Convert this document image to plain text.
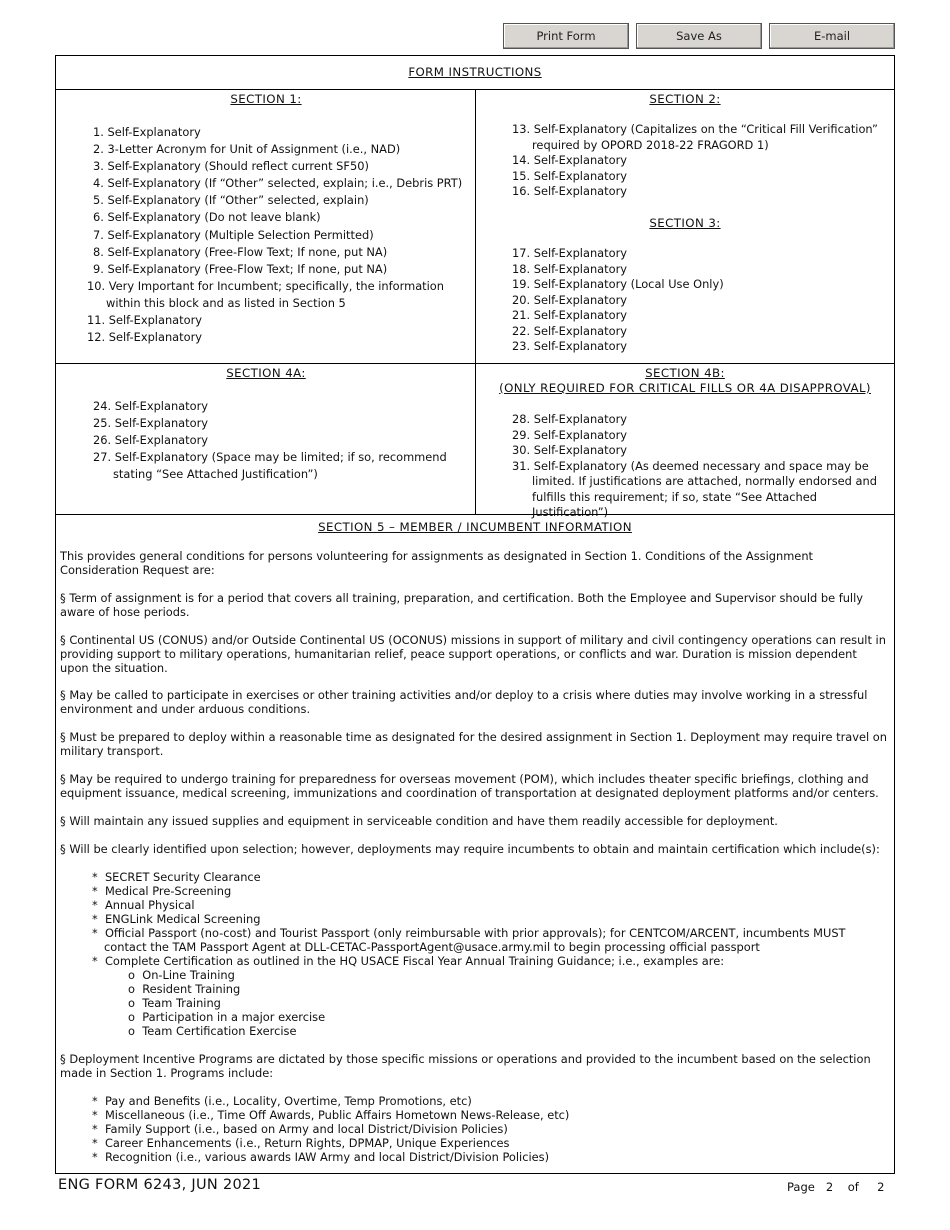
Print Form	Save As	E-mail
FORM INSTRUCTIONS
SECTION 1:
1. Self-Explanatory
2. 3-Letter Acronym for Unit of Assignment (i.e., NAD)
3. Self-Explanatory (Should reflect current SF50)
4. Self-Explanatory (If “Other” selected, explain; i.e., Debris PRT)
5. Self-Explanatory (If “Other” selected, explain)
6. Self-Explanatory (Do not leave blank)
7. Self-Explanatory (Multiple Selection Permitted)
8. Self-Explanatory (Free-Flow Text; If none, put NA)
9. Self-Explanatory (Free-Flow Text; If none, put NA)
10. Very Important for Incumbent; specifically, the information
within this block and as listed in Section 5
11. Self-Explanatory
12. Self-Explanatory
SECTION 2:
13. Self-Explanatory (Capitalizes on the “Critical Fill Verification”
required by OPORD 2018-22 FRAGORD 1)
14. Self-Explanatory
15. Self-Explanatory
16. Self-Explanatory
SECTION 3:
17. Self-Explanatory
18. Self-Explanatory
19. Self-Explanatory (Local Use Only)
20. Self-Explanatory
21. Self-Explanatory
22. Self-Explanatory
23. Self-Explanatory
SECTION 4A:
24. Self-Explanatory
25. Self-Explanatory
26. Self-Explanatory
27. Self-Explanatory (Space may be limited; if so, recommend
stating “See Attached Justification”)
SECTION 4B:
(ONLY REQUIRED FOR CRITICAL FILLS OR 4A DISAPPROVAL)
28. Self-Explanatory
29. Self-Explanatory
30. Self-Explanatory
31. Self-Explanatory (As deemed necessary and space may be
limited. If justifications are attached, normally endorsed and
fulfills this requirement; if so, state “See Attached Justification”)
SECTION 5 – MEMBER / INCUMBENT INFORMATION
This provides general conditions for persons volunteering for assignments as designated in Section 1. Conditions of the Assignment Consideration Request are:
§ Term of assignment is for a period that covers all training, preparation, and certification. Both the Employee and Supervisor should be fully aware of hose periods.
§ Continental US (CONUS) and/or Outside Continental US (OCONUS) missions in support of military and civil contingency operations can result in providing support to military operations, humanitarian relief, peace support operations, or conflicts and war. Duration is mission dependent upon the situation.
§ May be called to participate in exercises or other training activities and/or deploy to a crisis where duties may involve working in a stressful environment and under arduous conditions.
§ Must be prepared to deploy within a reasonable time as designated for the desired assignment in Section 1. Deployment may require travel on military transport.
§ May be required to undergo training for preparedness for overseas movement (POM), which includes theater specific briefings, clothing and equipment issuance, medical screening, immunizations and coordination of transportation at designated deployment platforms and/or centers.
§ Will maintain any issued supplies and equipment in serviceable condition and have them readily accessible for deployment.
§ Will be clearly identified upon selection; however, deployments may require incumbents to obtain and maintain certification which include(s):
* SECRET Security Clearance
* Medical Pre-Screening
* Annual Physical
* ENGLink Medical Screening
* Official Passport (no-cost) and Tourist Passport (only reimbursable with prior approvals); for CENTCOM/ARCENT, incumbents MUST contact the TAM Passport Agent at DLL-CETAC-PassportAgent@usace.army.mil to begin processing official passport
* Complete Certification as outlined in the HQ USACE Fiscal Year Annual Training Guidance; i.e., examples are:
o On-Line Training
o Resident Training
o Team Training
o Participation in a major exercise
o Team Certification Exercise
§ Deployment Incentive Programs are dictated by those specific missions or operations and provided to the incumbent based on the selection made in Section 1. Programs include:
* Pay and Benefits (i.e., Locality, Overtime, Temp Promotions, etc)
* Miscellaneous (i.e., Time Off Awards, Public Affairs Hometown News-Release, etc)
* Family Support (i.e., based on Army and local District/Division Policies)
* Career Enhancements (i.e., Return Rights, DPMAP, Unique Experiences
* Recognition (i.e., various awards IAW Army and local District/Division Policies)
ENG FORM 6243, JUN 2021	Page 2 of 2
